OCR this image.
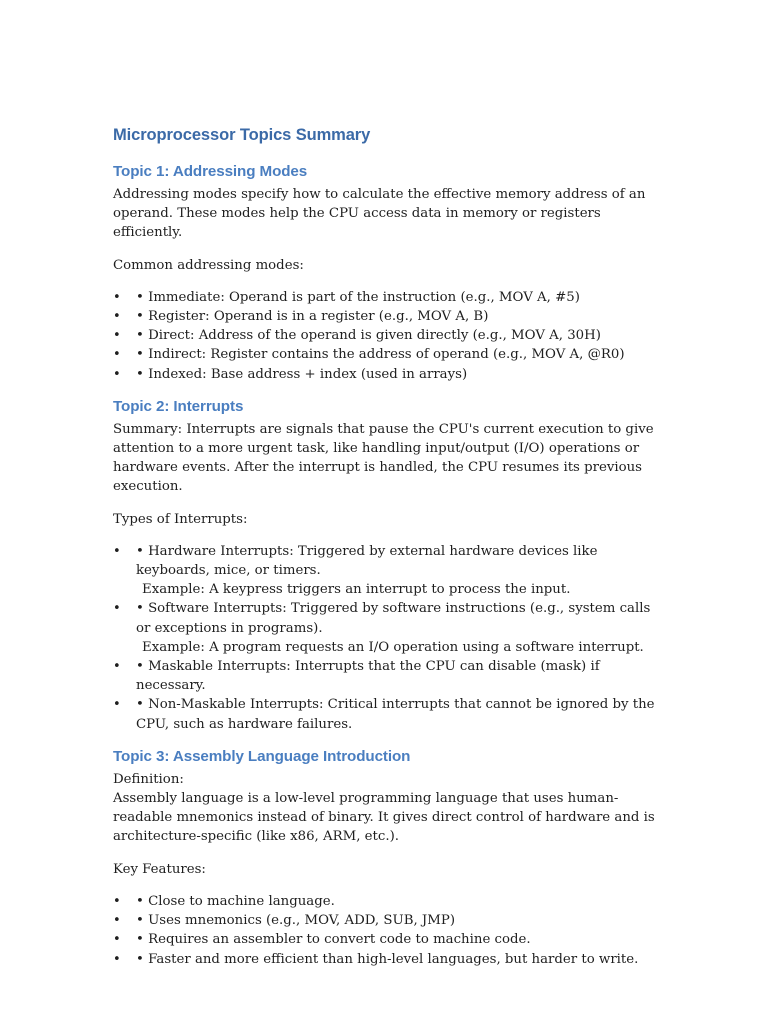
Microprocessor Topics Summary
Topic 1: Addressing Modes

Addressing modes specify how to calculate the effective memory address of an operand. These modes help the CPU access data in memory or registers efficiently.

Common addressing modes:

• • Immediate: Operand is part of the instruction (e.g., MOV A, #5)
• • Register: Operand is in a register (e.g., MOV A, B)
• • Direct: Address of the operand is given directly (e.g., MOV A, 30H)
• • Indirect: Register contains the address of operand (e.g., MOV A, @R0)
• • Indexed: Base address + index (used in arrays)
Topic 2: Interrupts

Summary: Interrupts are signals that pause the CPU's current execution to give attention to a more urgent task, like handling input/output (I/O) operations or hardware events. After the interrupt is handled, the CPU resumes its previous execution.

Types of Interrupts:

• • Hardware Interrupts: Triggered by external hardware devices like keyboards, mice, or timers.
Example: A keypress triggers an interrupt to process the input.
• • Software Interrupts: Triggered by software instructions (e.g., system calls or exceptions in programs).
Example: A program requests an I/O operation using a software interrupt.
• • Maskable Interrupts: Interrupts that the CPU can disable (mask) if necessary.
• • Non-Maskable Interrupts: Critical interrupts that cannot be ignored by the CPU, such as hardware failures.
Topic 3: Assembly Language Introduction

Definition:

Assembly language is a low-level programming language that uses human-readable mnemonics instead of binary. It gives direct control of hardware and is architecture-specific (like x86, ARM, etc.).

Key Features:

• • Close to machine language.
• • Uses mnemonics (e.g., MOV, ADD, SUB, JMP)
• • Requires an assembler to convert code to machine code.
• • Faster and more efficient than high-level languages, but harder to write.
